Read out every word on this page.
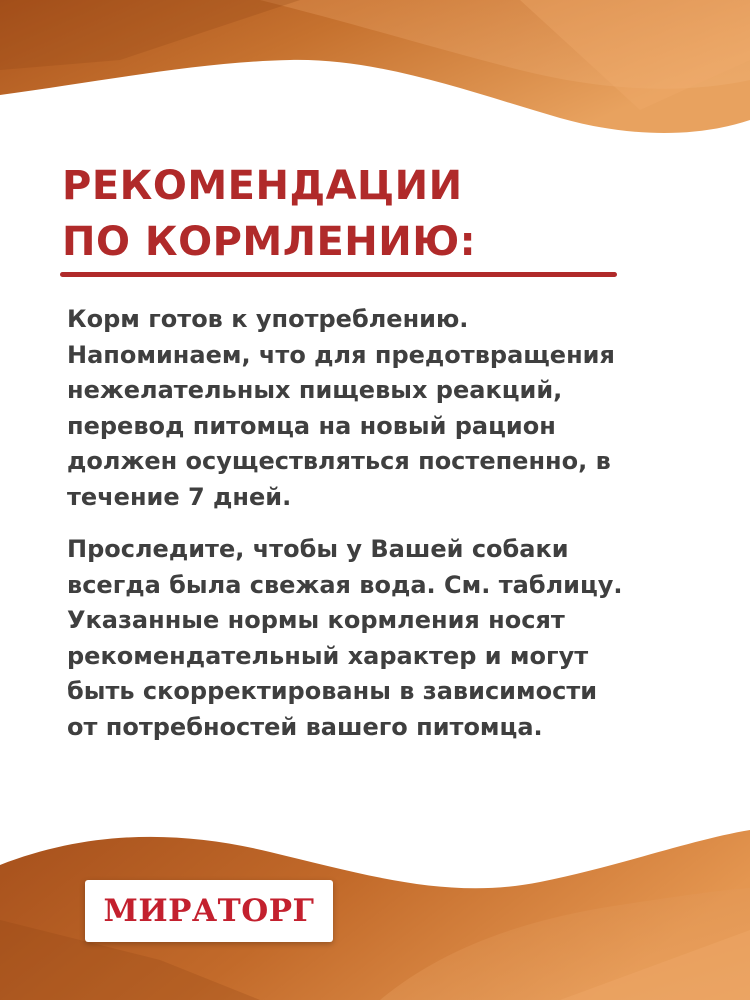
РЕКОМЕНДАЦИИ
ПО КОРМЛЕНИЮ:

Корм готов к употреблению.
Напоминаем, что для предотвращения
нежелательных пищевых реакций,
перевод питомца на новый рацион
должен осуществляться постепенно, в
течение 7 дней.

Проследите, чтобы у Вашей собаки
всегда была свежая вода. См. таблицу.
Указанные нормы кормления носят
рекомендательный характер и могут
быть скорректированы в зависимости
от потребностей вашего питомца.

МИРАТОРГ
